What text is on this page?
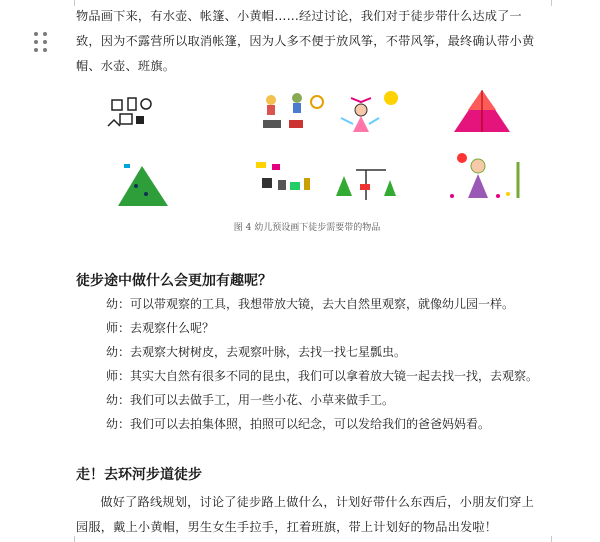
物品画下来，有水壶、帐篷、小黄帽……经过讨论，我们对于徒步带什么达成了一致，因为不露营所以取消帐篷，因为人多不便于放风筝，不带风筝，最终确认带小黄帽、水壶、班旗。
图 4 幼儿预设画下徒步需要带的物品
徒步途中做什么会更加有趣呢？
幼：可以带观察的工具，我想带放大镜，去大自然里观察，就像幼儿园一样。
师：去观察什么呢？
幼：去观察大树树皮，去观察叶脉，去找一找七星瓢虫。
师：其实大自然有很多不同的昆虫，我们可以拿着放大镜一起去找一找，去观察。
幼：我们可以去做手工，用一些小花、小草来做手工。
幼：我们可以去拍集体照，拍照可以纪念，可以发给我们的爸爸妈妈看。
走！去环河步道徒步
做好了路线规划，讨论了徒步路上做什么，计划好带什么东西后，小朋友们穿上园服，戴上小黄帽，男生女生手拉手，扛着班旗，带上计划好的物品出发啦！
